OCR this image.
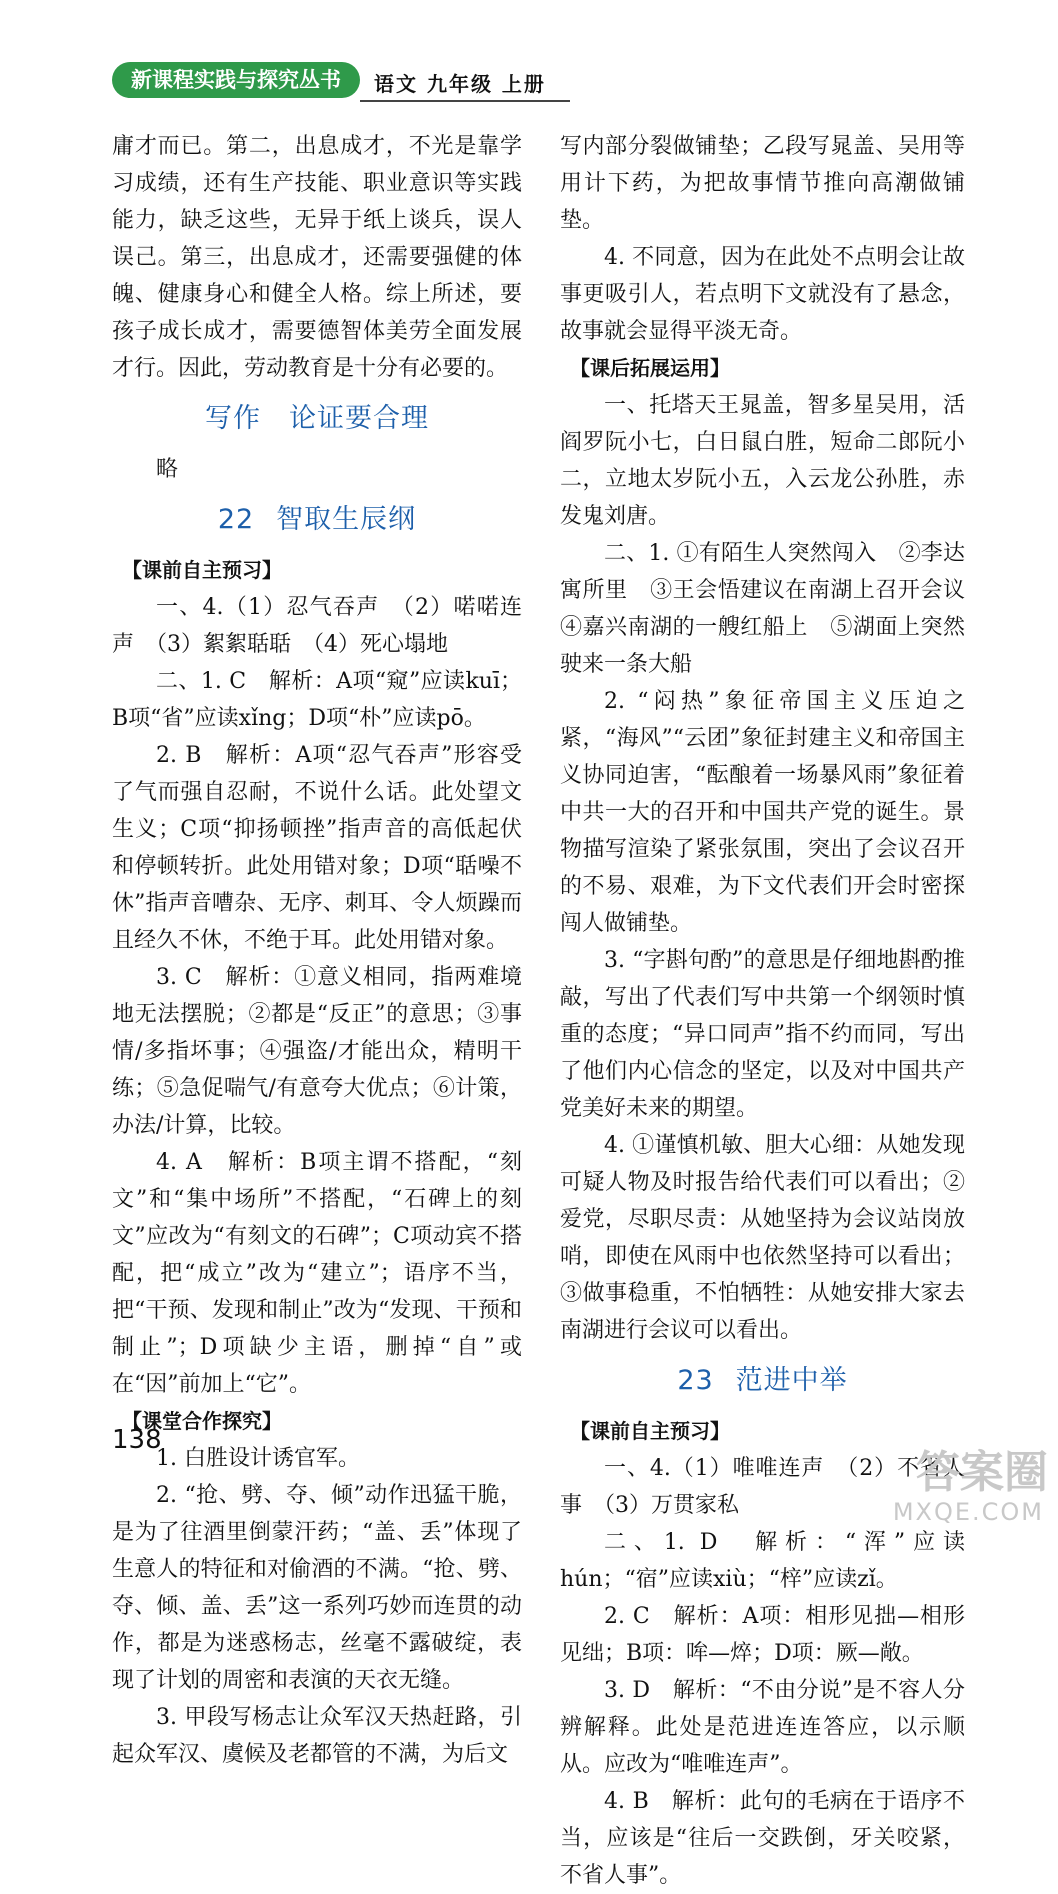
新课程实践与探究丛书	语文 九年级 上册

庸才而已。第二，出息成才，不光是靠学习成绩，还有生产技能、职业意识等实践能力，缺乏这些，无异于纸上谈兵，误人误己。第三，出息成才，还需要强健的体魄、健康身心和健全人格。综上所述，要孩子成长成才，需要德智体美劳全面发展才行。因此，劳动教育是十分有必要的。

写作　论证要合理

略

22 智取生辰纲

【课前自主预习】

一、4.（1）忍气吞声　（2）喏喏连声　（3）絮絮聒聒　（4）死心塌地

二、1. C　解析：A项“窥”应读kuī；B项“省”应读xǐng；D项“朴”应读pō。

2. B　解析：A项“忍气吞声”形容受了气而强自忍耐，不说什么话。此处望文生义；C项“抑扬顿挫”指声音的高低起伏和停顿转折。此处用错对象；D项“聒噪不休”指声音嘈杂、无序、刺耳、令人烦躁而且经久不休，不绝于耳。此处用错对象。

3. C　解析：①意义相同，指两难境地无法摆脱；②都是“反正”的意思；③事情/多指坏事；④强盗/才能出众，精明干练；⑤急促喘气/有意夸大优点；⑥计策，办法/计算，比较。

4. A　解析：B项主谓不搭配，“刻文”和“集中场所”不搭配，“石碑上的刻文”应改为“有刻文的石碑”；C项动宾不搭配，把“成立”改为“建立”；语序不当，把“干预、发现和制止”改为“发现、干预和制止”；D项缺少主语，删掉“自”或在“因”前加上“它”。

【课堂合作探究】

1. 白胜设计诱官军。

2. “抢、劈、夺、倾”动作迅猛干脆，是为了往酒里倒蒙汗药；“盖、丢”体现了生意人的特征和对偷酒的不满。“抢、劈、夺、倾、盖、丢”这一系列巧妙而连贯的动作，都是为迷惑杨志，丝毫不露破绽，表现了计划的周密和表演的天衣无缝。

3. 甲段写杨志让众军汉天热赶路，引起众军汉、虞候及老都管的不满，为后文

写内部分裂做铺垫；乙段写晁盖、吴用等用计下药，为把故事情节推向高潮做铺垫。

4. 不同意，因为在此处不点明会让故事更吸引人，若点明下文就没有了悬念，故事就会显得平淡无奇。

【课后拓展运用】

一、托塔天王晁盖，智多星吴用，活阎罗阮小七，白日鼠白胜，短命二郎阮小二，立地太岁阮小五，入云龙公孙胜，赤发鬼刘唐。

二、1. ①有陌生人突然闯入　②李达寓所里　③王会悟建议在南湖上召开会议　④嘉兴南湖的一艘红船上　⑤湖面上突然驶来一条大船

2. “闷热”象征帝国主义压迫之紧，“海风”“云团”象征封建主义和帝国主义协同迫害，“酝酿着一场暴风雨”象征着中共一大的召开和中国共产党的诞生。景物描写渲染了紧张氛围，突出了会议召开的不易、艰难，为下文代表们开会时密探闯人做铺垫。

3. “字斟句酌”的意思是仔细地斟酌推敲，写出了代表们写中共第一个纲领时慎重的态度；“异口同声”指不约而同，写出了他们内心信念的坚定，以及对中国共产党美好未来的期望。

4. ①谨慎机敏、胆大心细：从她发现可疑人物及时报告给代表们可以看出；②爱党，尽职尽责：从她坚持为会议站岗放哨，即使在风雨中也依然坚持可以看出；③做事稳重，不怕牺牲：从她安排大家去南湖进行会议可以看出。

23 范进中举

【课前自主预习】

一、4.（1）唯唯连声　（2）不省人事　（3）万贯家私

二、1. D　解析：“浑”应读hún；“宿”应读xiù；“梓”应读zǐ。

2. C　解析：A项：相形见拙—相形见绌；B项：哞—焠；D项：厥—敞。

3. D　解析：“不由分说”是不容人分辨解释。此处是范进连连答应，以示顺从。应改为“唯唯连声”。

4. B　解析：此句的毛病在于语序不当，应该是“往后一交跌倒，牙关咬紧，不省人事”。

138
答案圈
MXQE.COM
